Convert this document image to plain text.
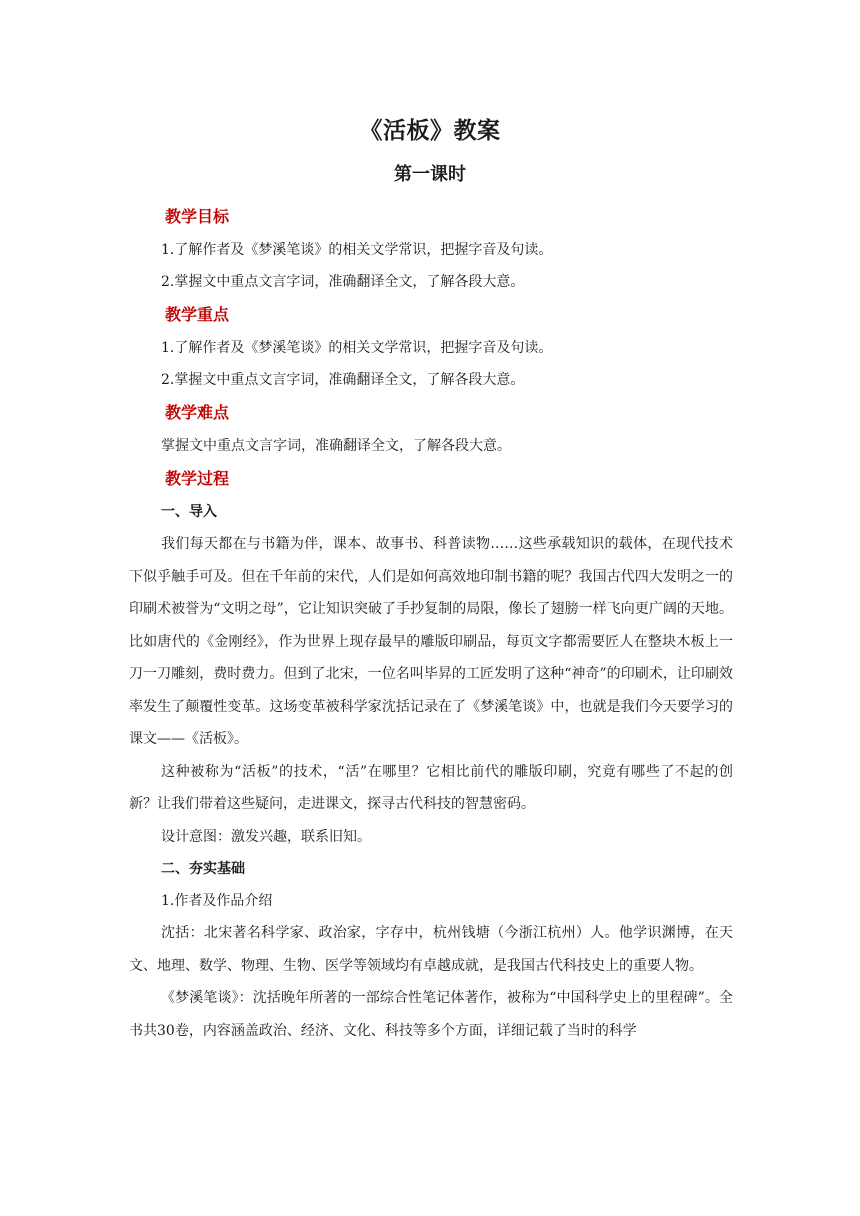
《活板》教案
第一课时
教学目标
1.了解作者及《梦溪笔谈》的相关文学常识，把握字音及句读。
2.掌握文中重点文言字词，准确翻译全文，了解各段大意。
教学重点
1.了解作者及《梦溪笔谈》的相关文学常识，把握字音及句读。
2.掌握文中重点文言字词，准确翻译全文，了解各段大意。
教学难点
掌握文中重点文言字词，准确翻译全文，了解各段大意。
教学过程
一、导入
我们每天都在与书籍为伴，课本、故事书、科普读物……这些承载知识的载体，在现代技术下似乎触手可及。但在千年前的宋代，人们是如何高效地印制书籍的呢？我国古代四大发明之一的印刷术被誉为“文明之母”，它让知识突破了手抄复制的局限，像长了翅膀一样飞向更广阔的天地。比如唐代的《金刚经》，作为世界上现存最早的雕版印刷品，每页文字都需要匠人在整块木板上一刀一刀雕刻，费时费力。但到了北宋，一位名叫毕昇的工匠发明了这种“神奇”的印刷术，让印刷效率发生了颠覆性变革。这场变革被科学家沈括记录在了《梦溪笔谈》中，也就是我们今天要学习的课文——《活板》。
这种被称为“活板”的技术，“活”在哪里？它相比前代的雕版印刷，究竟有哪些了不起的创新？让我们带着这些疑问，走进课文，探寻古代科技的智慧密码。
设计意图：激发兴趣，联系旧知。
二、夯实基础
1.作者及作品介绍
沈括：北宋著名科学家、政治家，字存中，杭州钱塘（今浙江杭州）人。他学识渊博，在天文、地理、数学、物理、生物、医学等领域均有卓越成就，是我国古代科技史上的重要人物。
《梦溪笔谈》：沈括晚年所著的一部综合性笔记体著作，被称为“中国科学史上的里程碑”。全书共30卷，内容涵盖政治、经济、文化、科技等多个方面，详细记载了当时的科学
